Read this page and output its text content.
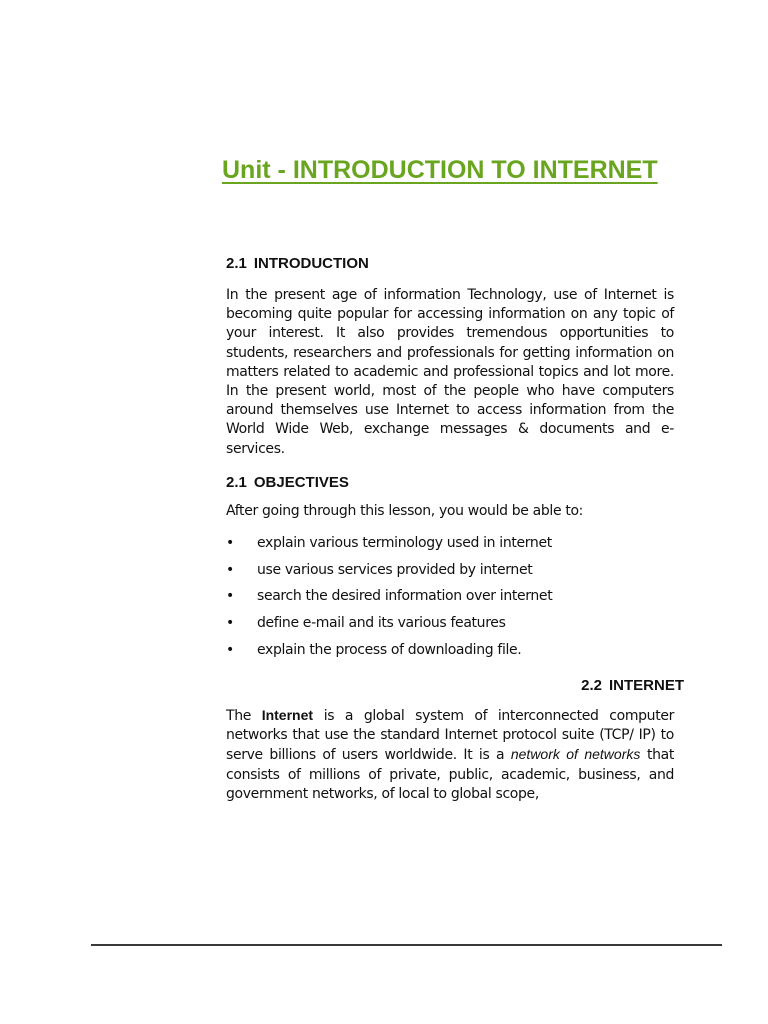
Unit - INTRODUCTION TO INTERNET
2.1 INTRODUCTION

In the present age of information Technology, use of Internet is becoming quite popular for accessing information on any topic of your interest. It also provides tremendous opportunities to students, researchers and professionals for getting information on matters related to academic and professional topics and lot more. In the present world, most of the people who have computers around themselves use Internet to access information from the World Wide Web, exchange messages & documents and e-services.

2.1 OBJECTIVES

After going through this lesson, you would be able to:

• explain various terminology used in internet
• use various services provided by internet
• search the desired information over internet
• define e-mail and its various features
• explain the process of downloading file.
2.2 INTERNET

The Internet is a global system of interconnected computer networks that use the standard Internet protocol suite (TCP/ IP) to serve billions of users worldwide. It is a network of networks that consists of millions of private, public, academic, business, and government networks, of local to global scope,
